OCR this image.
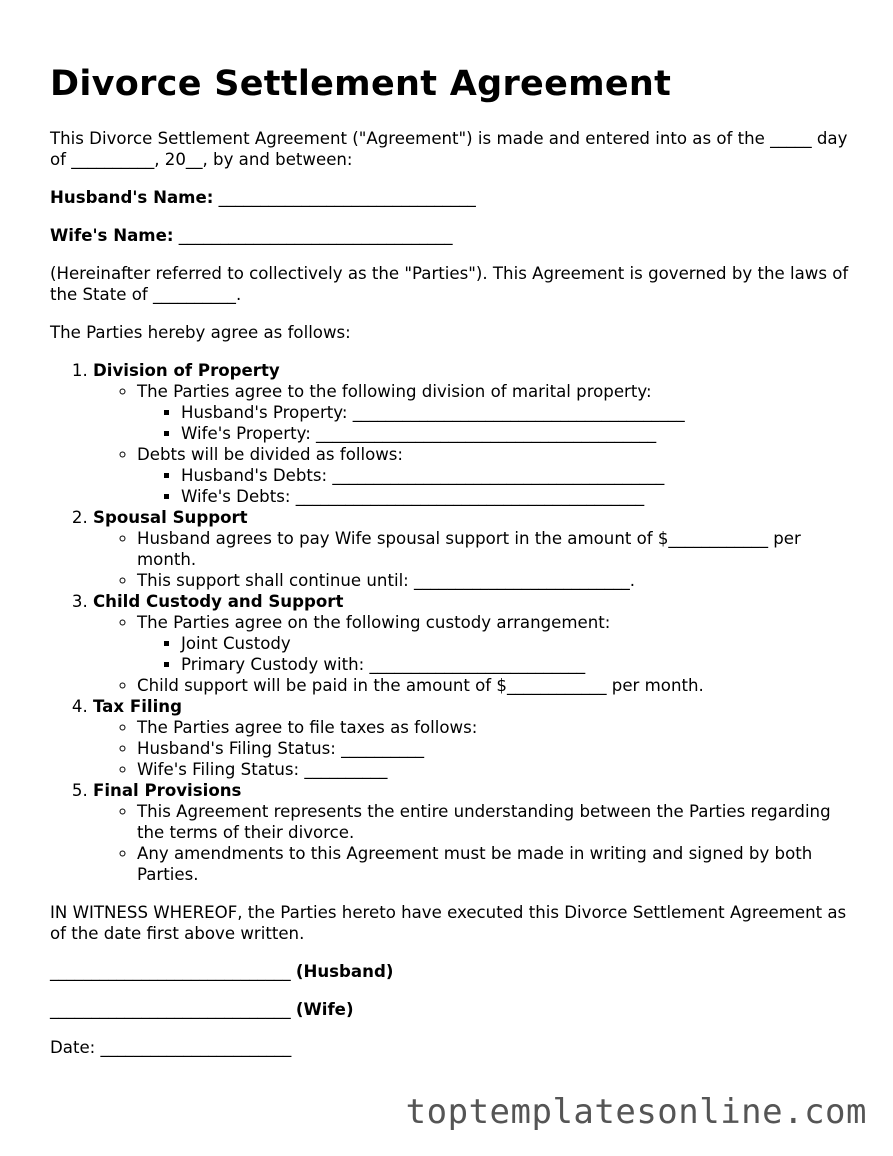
Divorce Settlement Agreement

This Divorce Settlement Agreement ("Agreement") is made and entered into as of the _____ day of __________, 20__, by and between:

Husband's Name: _______________________________

Wife's Name: _________________________________

(Hereinafter referred to collectively as the "Parties"). This Agreement is governed by the laws of the State of __________.

The Parties hereby agree as follows:

1. Division of Property
◦ The Parties agree to the following division of marital property:
▪ Husband's Property: ________________________________________
▪ Wife's Property: _________________________________________
◦ Debts will be divided as follows:
▪ Husband's Debts: ________________________________________
▪ Wife's Debts: __________________________________________
2. Spousal Support
◦ Husband agrees to pay Wife spousal support in the amount of $____________ per month.
◦ This support shall continue until: __________________________.
3. Child Custody and Support
◦ The Parties agree on the following custody arrangement:
▪ Joint Custody
▪ Primary Custody with: __________________________
◦ Child support will be paid in the amount of $____________ per month.
4. Tax Filing
◦ The Parties agree to file taxes as follows:
◦ Husband's Filing Status: __________
◦ Wife's Filing Status: __________
5. Final Provisions
◦ This Agreement represents the entire understanding between the Parties regarding the terms of their divorce.
◦ Any amendments to this Agreement must be made in writing and signed by both Parties.

IN WITNESS WHEREOF, the Parties hereto have executed this Divorce Settlement Agreement as of the date first above written.

_____________________________ (Husband)

_____________________________ (Wife)

Date: _______________________

toptemplatesonline.com
